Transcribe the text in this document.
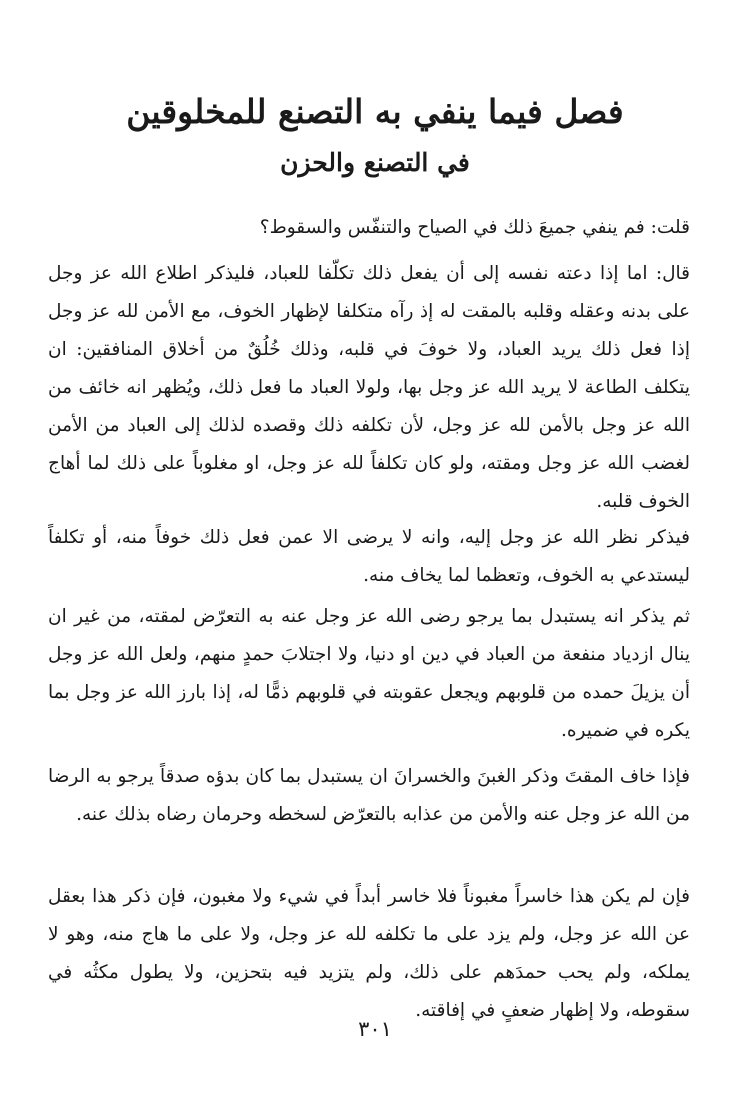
فصل فيما ينفي به التصنع للمخلوقين
في التصنع والحزن

قلت: فم ينفي جميعَ ذلك في الصياح والتنفّس والسقوط؟

قال: اما إذا دعته نفسه إلى أن يفعل ذلك تكلّفا للعباد، فليذكر اطلاع الله عز وجل على بدنه وعقله وقلبه بالمقت له إذ رآه متكلفا لإظهار الخوف، مع الأمن لله عز وجل إذا فعل ذلك يريد العباد، ولا خوفَ في قلبه، وذلك خُلُقٌ من أخلاق المنافقين: ان يتكلف الطاعة لا يريد الله عز وجل بها، ولولا العباد ما فعل ذلك، ويُظهر انه خائف من الله عز وجل بالأمن لله عز وجل، لأن تكلفه ذلك وقصده لذلك إلى العباد من الأمن لغضب الله عز وجل ومقته، ولو كان تكلفاً لله عز وجل، او مغلوباً على ذلك لما أهاج الخوف قلبه.

فيذكر نظر الله عز وجل إليه، وانه لا يرضى الا عمن فعل ذلك خوفاً منه، أو تكلفاً ليستدعي به الخوف، وتعظما لما يخاف منه.

ثم يذكر انه يستبدل بما يرجو رضى الله عز وجل عنه به التعرّض لمقته، من غير ان ينال ازدياد منفعة من العباد في دين او دنيا، ولا اجتلابَ حمدٍ منهم، ولعل الله عز وجل أن يزيلَ حمده من قلوبهم ويجعل عقوبته في قلوبهم ذمًّا له، إذا بارز الله عز وجل بما يكره في ضميره.

فإذا خاف المقتَ وذكر الغبنَ والخسرانَ ان يستبدل بما كان بدؤه صدقاً يرجو به الرضا من الله عز وجل عنه والأمن من عذابه بالتعرّض لسخطه وحرمان رضاه بذلك عنه.

فإن لم يكن هذا خاسراً مغبوناً فلا خاسر أبداً في شيء ولا مغبون، فإن ذكر هذا بعقل عن الله عز وجل، ولم يزد على ما تكلفه لله عز وجل، ولا على ما هاج منه، وهو لا يملكه، ولم يحب حمدَهم على ذلك، ولم يتزيد فيه بتحزين، ولا يطول مكثُه في سقوطه، ولا إظهار ضعفٍ في إفاقته.

٣٠١
